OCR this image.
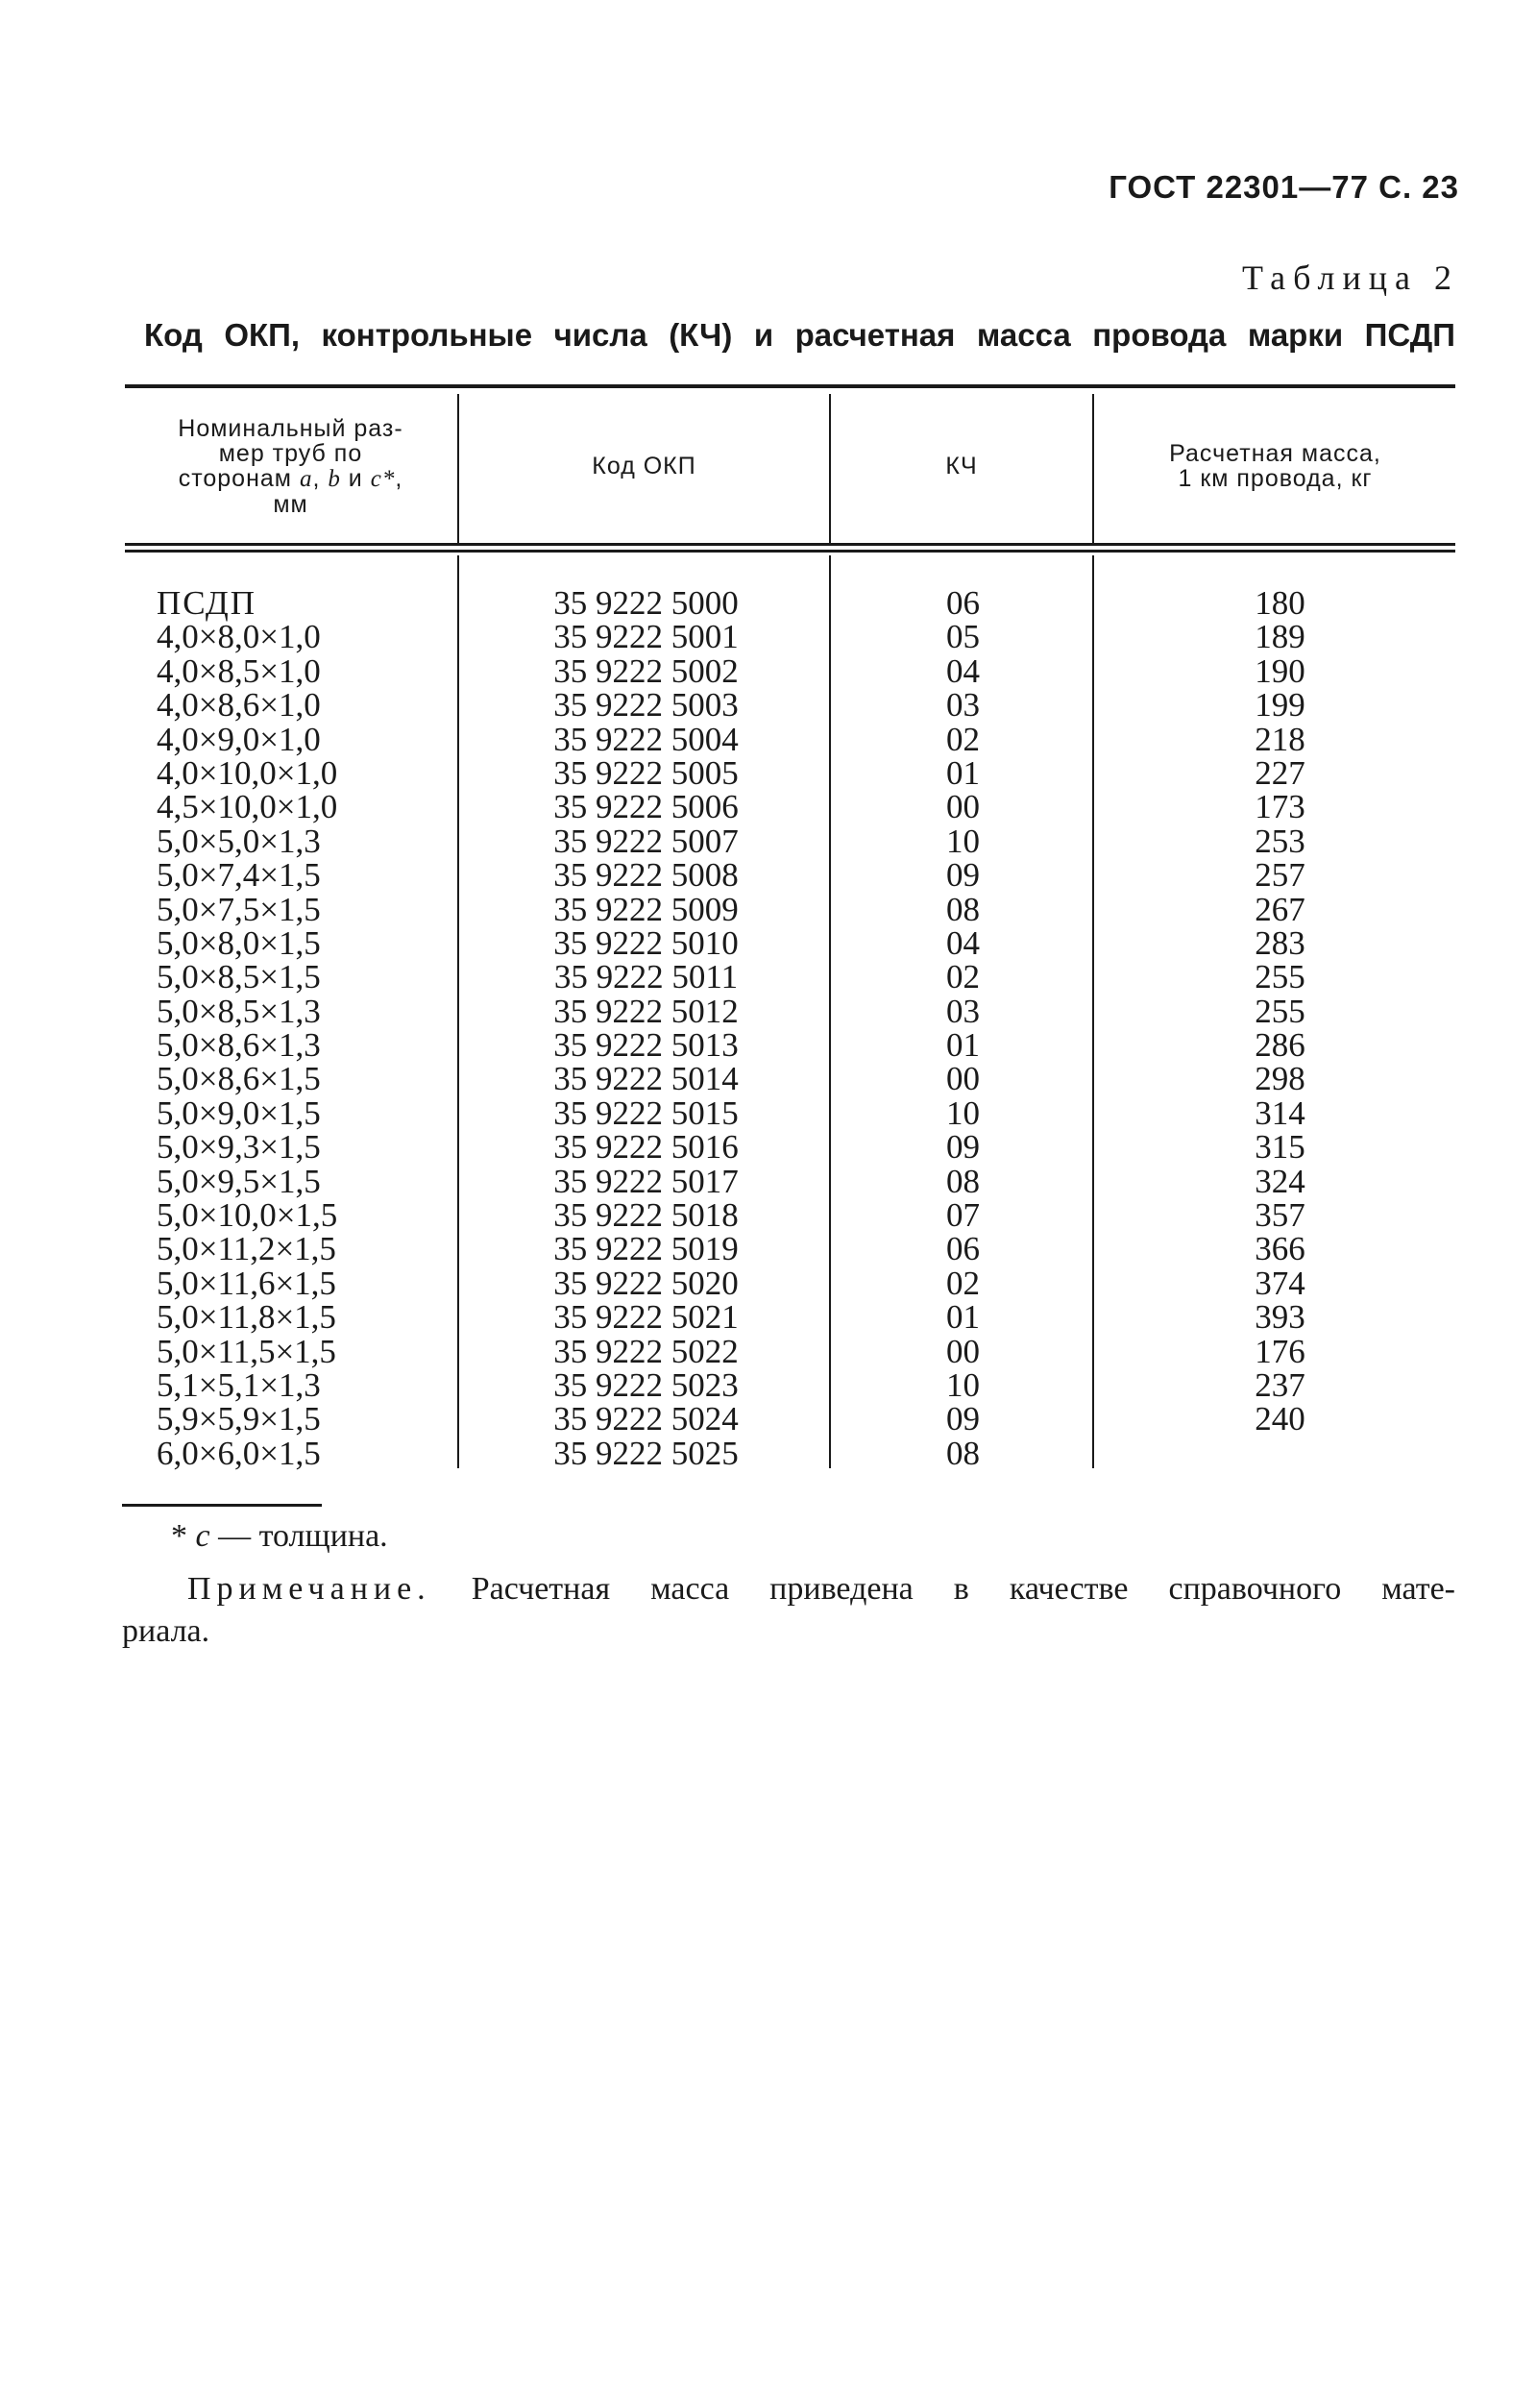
ГОСТ 22301—77 С. 23
Таблица 2
Код ОКП, контрольные числа (КЧ) и расчетная масса провода марки ПСДП
Номинальный раз-
мер труб по
сторонам a, b и c*,
мм
Код ОКП	КЧ	Расчетная масса,
1 км провода, кг
ПСДП
4,0×8,0×1,0
4,0×8,5×1,0
4,0×8,6×1,0
4,0×9,0×1,0
4,0×10,0×1,0
4,5×10,0×1,0
5,0×5,0×1,3
5,0×7,4×1,5
5,0×7,5×1,5
5,0×8,0×1,5
5,0×8,5×1,5
5,0×8,5×1,3
5,0×8,6×1,3
5,0×8,6×1,5
5,0×9,0×1,5
5,0×9,3×1,5
5,0×9,5×1,5
5,0×10,0×1,5
5,0×11,2×1,5
5,0×11,6×1,5
5,0×11,8×1,5
5,0×11,5×1,5
5,1×5,1×1,3
5,9×5,9×1,5
6,0×6,0×1,5
35 9222 5000
35 9222 5001
35 9222 5002
35 9222 5003
35 9222 5004
35 9222 5005
35 9222 5006
35 9222 5007
35 9222 5008
35 9222 5009
35 9222 5010
35 9222 5011
35 9222 5012
35 9222 5013
35 9222 5014
35 9222 5015
35 9222 5016
35 9222 5017
35 9222 5018
35 9222 5019
35 9222 5020
35 9222 5021
35 9222 5022
35 9222 5023
35 9222 5024
35 9222 5025
06
05
04
03
02
01
00
10
09
08
04
02
03
01
00
10
09
08
07
06
02
01
00
10
09
08
180
189
190
199
218
227
173
253
257
267
283
255
255
286
298
314
315
324
357
366
374
393
176
237
240
* с — толщина.
Примечание. Расчетная масса приведена в качестве справочного мате-
риала.
